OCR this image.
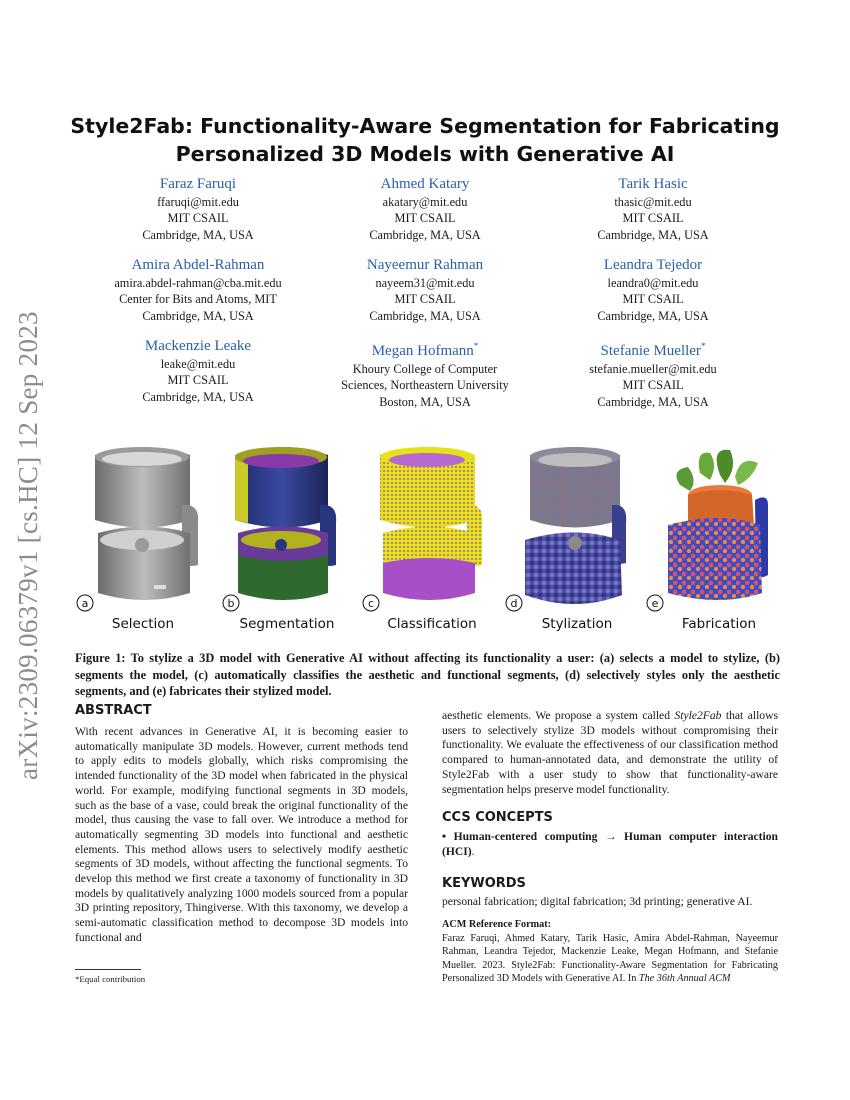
arXiv:2309.06379v1 [cs.HC] 12 Sep 2023
Style2Fab: Functionality-Aware Segmentation for Fabricating
Personalized 3D Models with Generative AI
Faraz Faruqi
ffaruqi@mit.edu
MIT CSAIL
Cambridge, MA, USA
Ahmed Katary
akatary@mit.edu
MIT CSAIL
Cambridge, MA, USA
Tarik Hasic
thasic@mit.edu
MIT CSAIL
Cambridge, MA, USA
Amira Abdel-Rahman
amira.abdel-rahman@cba.mit.edu
Center for Bits and Atoms, MIT
Cambridge, MA, USA
Nayeemur Rahman
nayeem31@mit.edu
MIT CSAIL
Cambridge, MA, USA
Leandra Tejedor
leandra0@mit.edu
MIT CSAIL
Cambridge, MA, USA
Mackenzie Leake
leake@mit.edu
MIT CSAIL
Cambridge, MA, USA
Megan Hofmann*
Khoury College of Computer
Sciences, Northeastern University
Boston, MA, USA
Stefanie Mueller*
stefanie.mueller@mit.edu
MIT CSAIL
Cambridge, MA, USA
a
Selection
b
Segmentation
c
Classification
d
Stylization
e
Fabrication
Figure 1: To stylize a 3D model with Generative AI without affecting its functionality a user: (a) selects a model to stylize, (b) segments the model, (c) automatically classifies the aesthetic and functional segments, (d) selectively styles only the aesthetic segments, and (e) fabricates their stylized model.
ABSTRACT
With recent advances in Generative AI, it is becoming easier to automatically manipulate 3D models. However, current methods tend to apply edits to models globally, which risks compromising the intended functionality of the 3D model when fabricated in the physical world. For example, modifying functional segments in 3D models, such as the base of a vase, could break the original functionality of the model, thus causing the vase to fall over. We introduce a method for automatically segmenting 3D models into functional and aesthetic elements. This method allows users to selectively modify aesthetic segments of 3D models, without affecting the functional segments. To develop this method we first create a taxonomy of functionality in 3D models by qualitatively analyzing 1000 models sourced from a popular 3D printing repository, Thingiverse. With this taxonomy, we develop a semi-automatic classification method to decompose 3D models into functional and
*Equal contribution
aesthetic elements. We propose a system called Style2Fab that allows users to selectively stylize 3D models without compromising their functionality. We evaluate the effectiveness of our classification method compared to human-annotated data, and demonstrate the utility of Style2Fab with a user study to show that functionality-aware segmentation helps preserve model functionality.
CCS CONCEPTS
• Human-centered computing → Human computer interaction (HCI).
KEYWORDS
personal fabrication; digital fabrication; 3d printing; generative AI.
ACM Reference Format:
Faraz Faruqi, Ahmed Katary, Tarik Hasic, Amira Abdel-Rahman, Nayeemur Rahman, Leandra Tejedor, Mackenzie Leake, Megan Hofmann, and Stefanie Mueller. 2023. Style2Fab: Functionality-Aware Segmentation for Fabricating Personalized 3D Models with Generative AI. In The 36th Annual ACM
